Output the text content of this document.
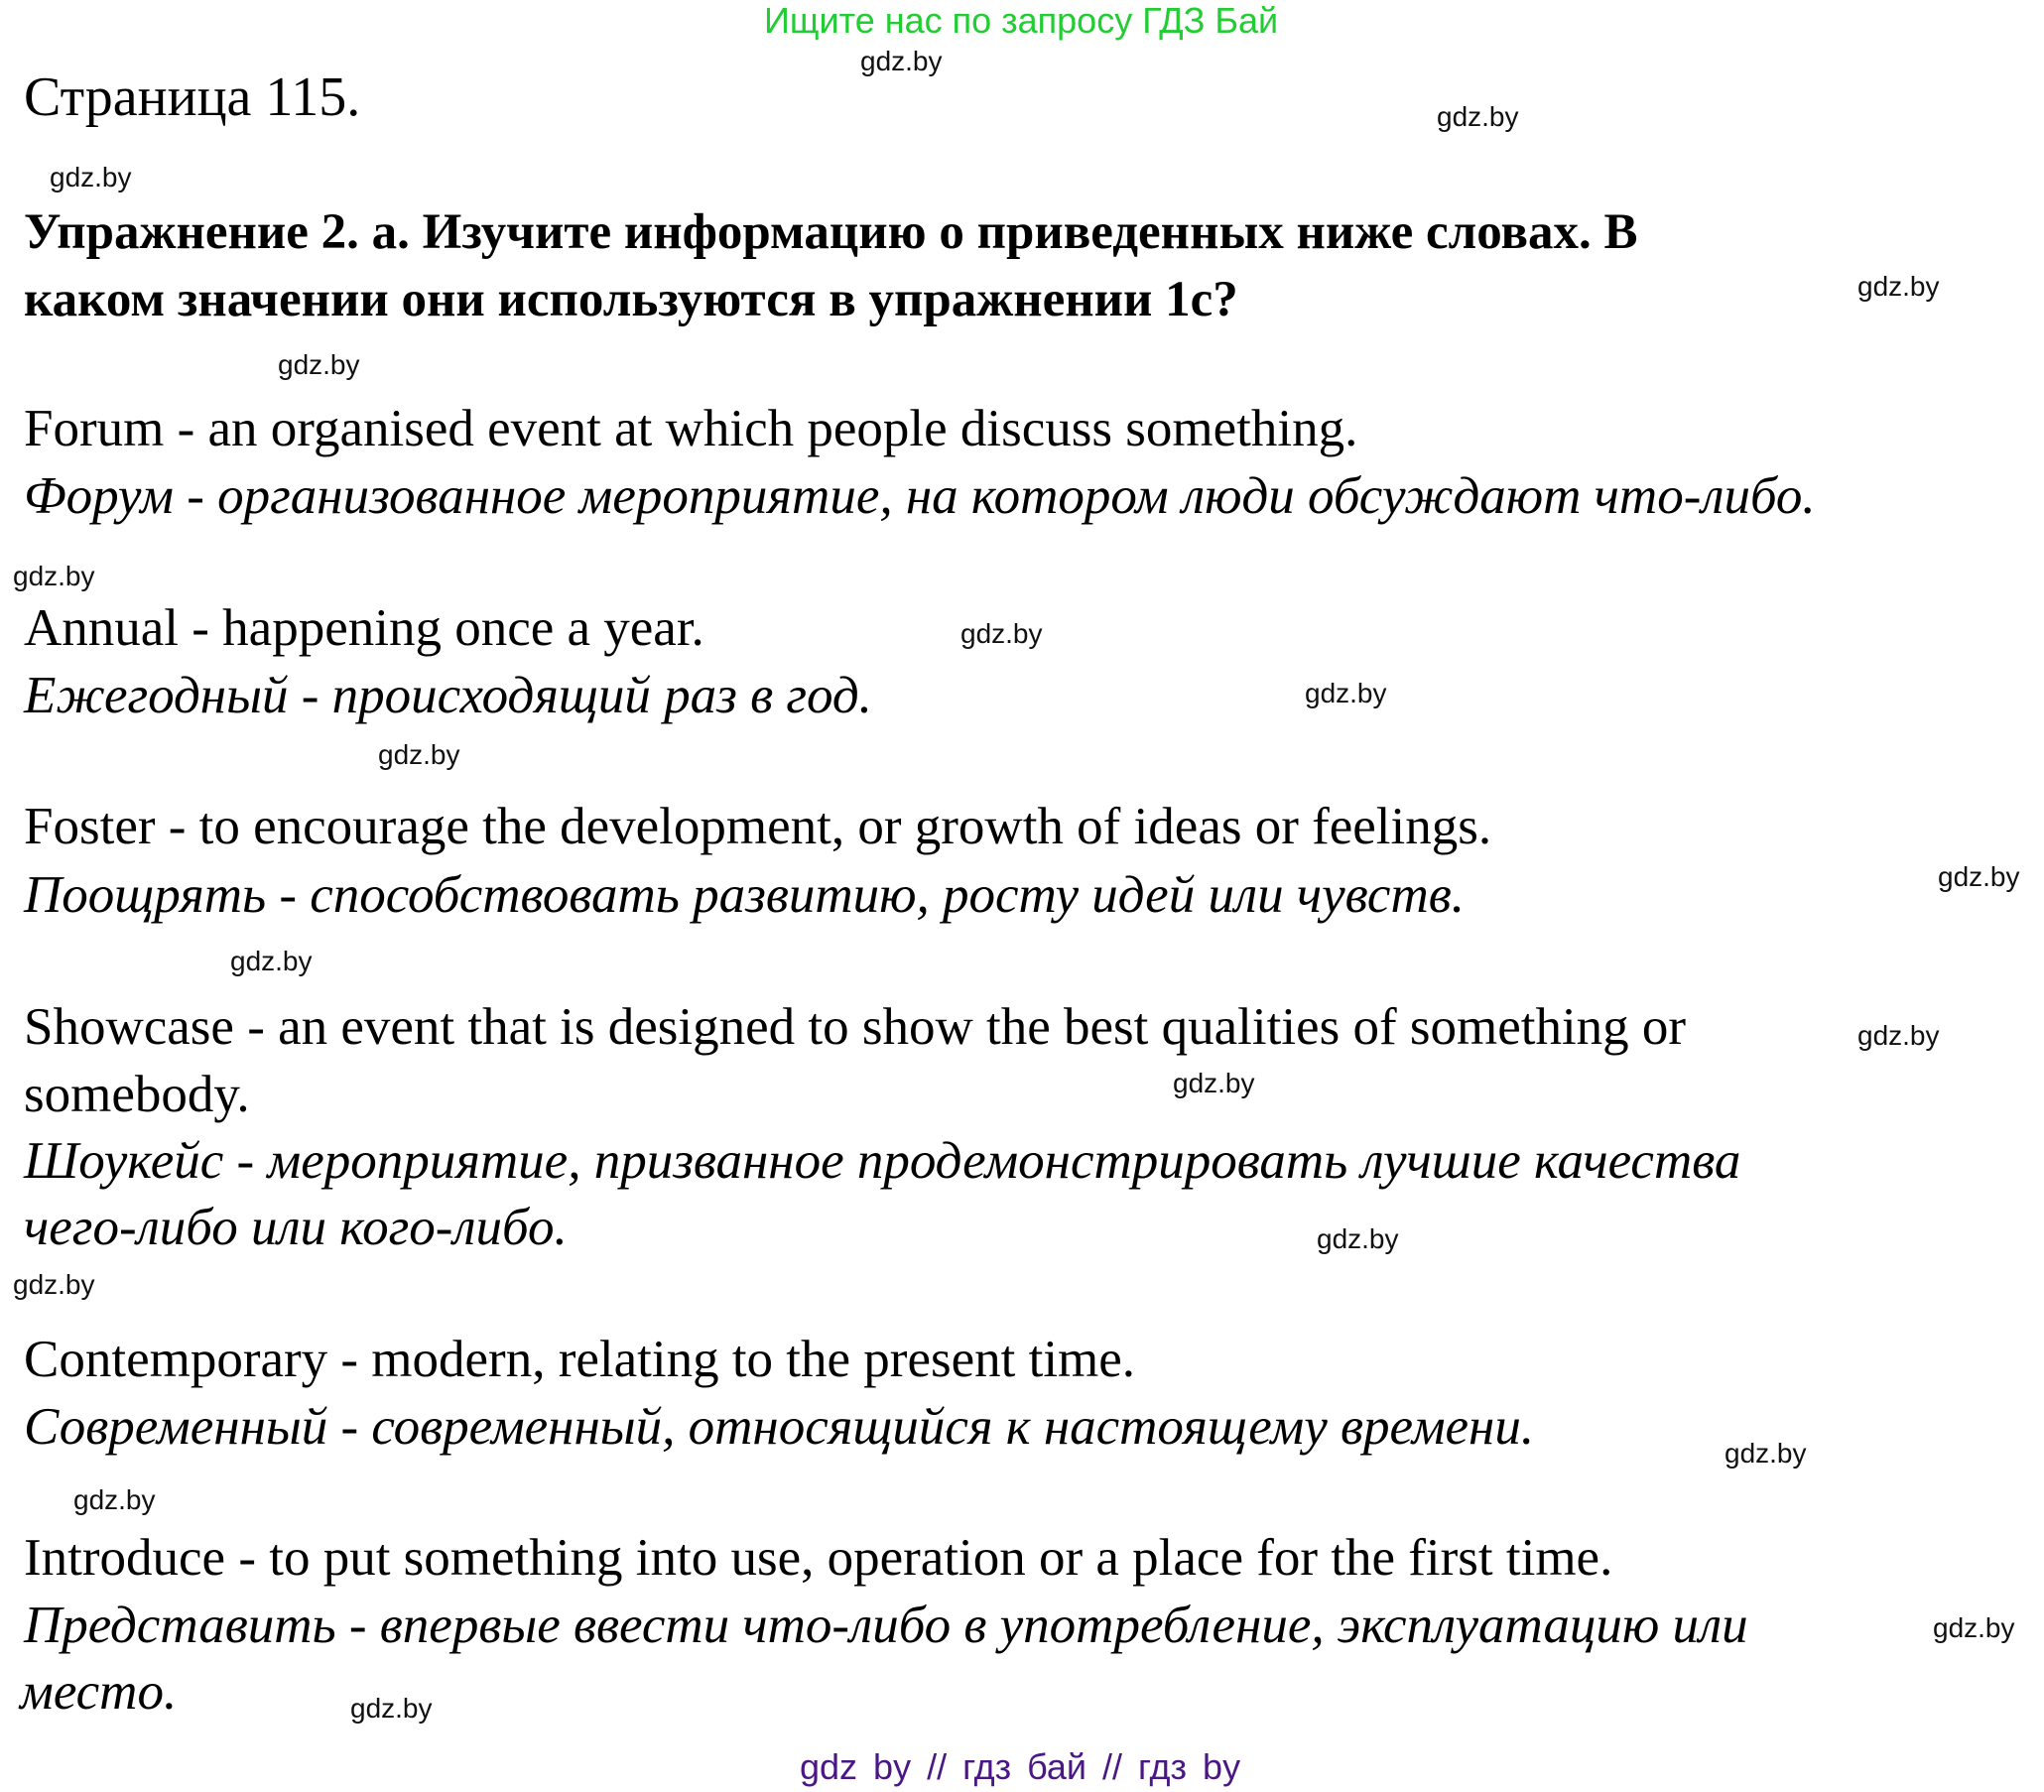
Ищите нас по запросу ГДЗ Бай
Страница 115.
Упражнение 2. а. Изучите информацию о приведенных ниже словах. В
каком значении они используются в упражнении 1с?
Forum - an organised event at which people discuss something.
Форум - организованное мероприятие, на котором люди обсуждают что-либо.
Annual - happening once a year.
Ежегодный - происходящий раз в год.
Foster - to encourage the development, or growth of ideas or feelings.
Поощрять - способствовать развитию, росту идей или чувств.
Showcase - an event that is designed to show the best qualities of something or
somebody.
Шоукейс - мероприятие, призванное продемонстрировать лучшие качества
чего-либо или кого-либо.
Contemporary - modern, relating to the present time.
Современный - современный, относящийся к настоящему времени.
Introduce - to put something into use, operation or a place for the first time.
Представить - впервые ввести что-либо в употребление, эксплуатацию или
место.
gdz.by
gdz.by
gdz.by
gdz.by
gdz.by
gdz.by
gdz.by
gdz.by
gdz.by
gdz.by
gdz.by
gdz.by
gdz.by
gdz.by
gdz.by
gdz.by
gdz.by
gdz.by
gdz.by
gdz by // гдз бай // гдз by
